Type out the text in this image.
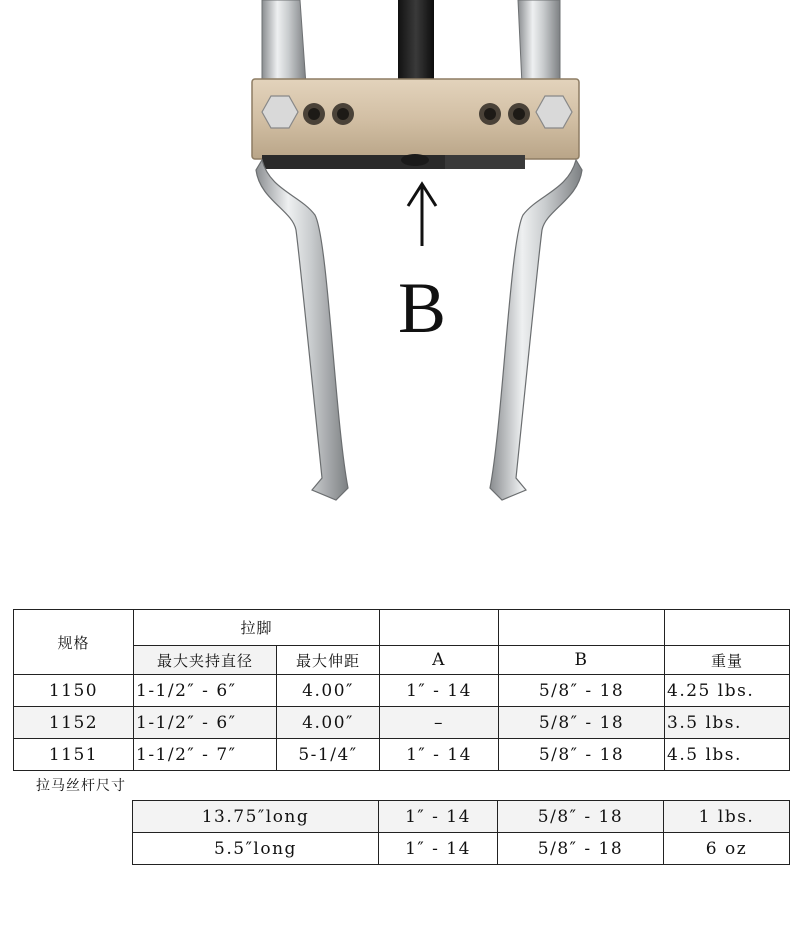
B
规格	拉脚				
	最大夹持直径	最大伸距	A	B	重量
1150	1-1/2″ - 6″	4.00″	1″ - 14	5/8″ - 18	4.25 lbs.
1152	1-1/2″ - 6″	4.00″	–	5/8″ - 18	3.5 lbs.
1151	1-1/2″ - 7″	5-1/4″	1″ - 14	5/8″ - 18	4.5 lbs.
拉马丝杆尺寸
13.75″long	1″ - 14	5/8″ - 18	1 lbs.
5.5″long	1″ - 14	5/8″ - 18	6 oz
